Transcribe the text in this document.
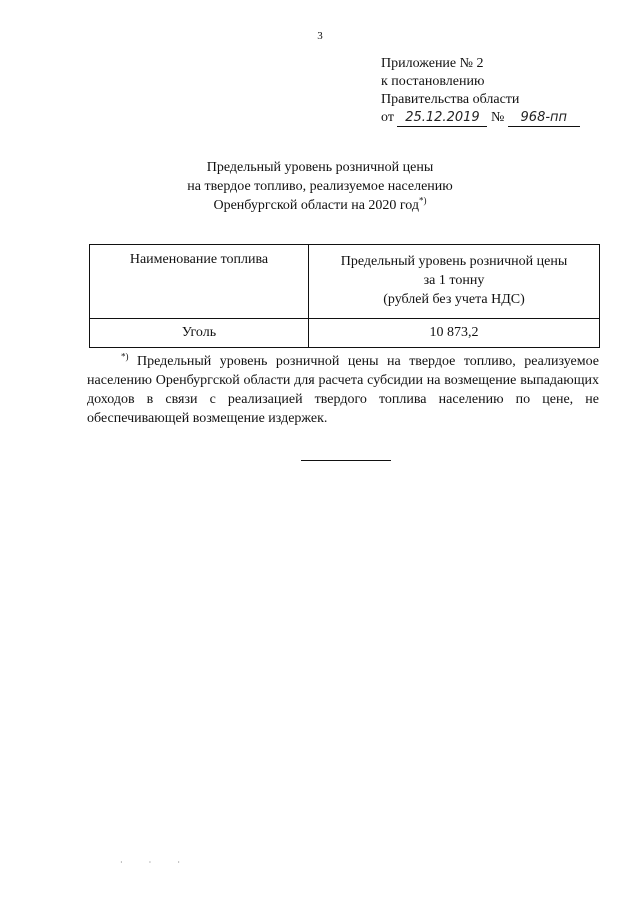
3
Приложение № 2
к постановлению
Правительства области
от 25.12.2019 № 968-пп
Предельный уровень розничной цены
на твердое топливо, реализуемое населению
Оренбургской области на 2020 год*)
Наименование топлива	Предельный уровень розничной цены
за 1 тонну
(рублей без учета НДС)

Уголь	10 873,2
*) Предельный уровень розничной цены на твердое топливо, реализуемое населению Оренбургской области для расчета субсидии на возмещение выпадающих доходов в связи с реализацией твердого топлива населению по цене, не обеспечивающей возмещение издержек.
· · ·
